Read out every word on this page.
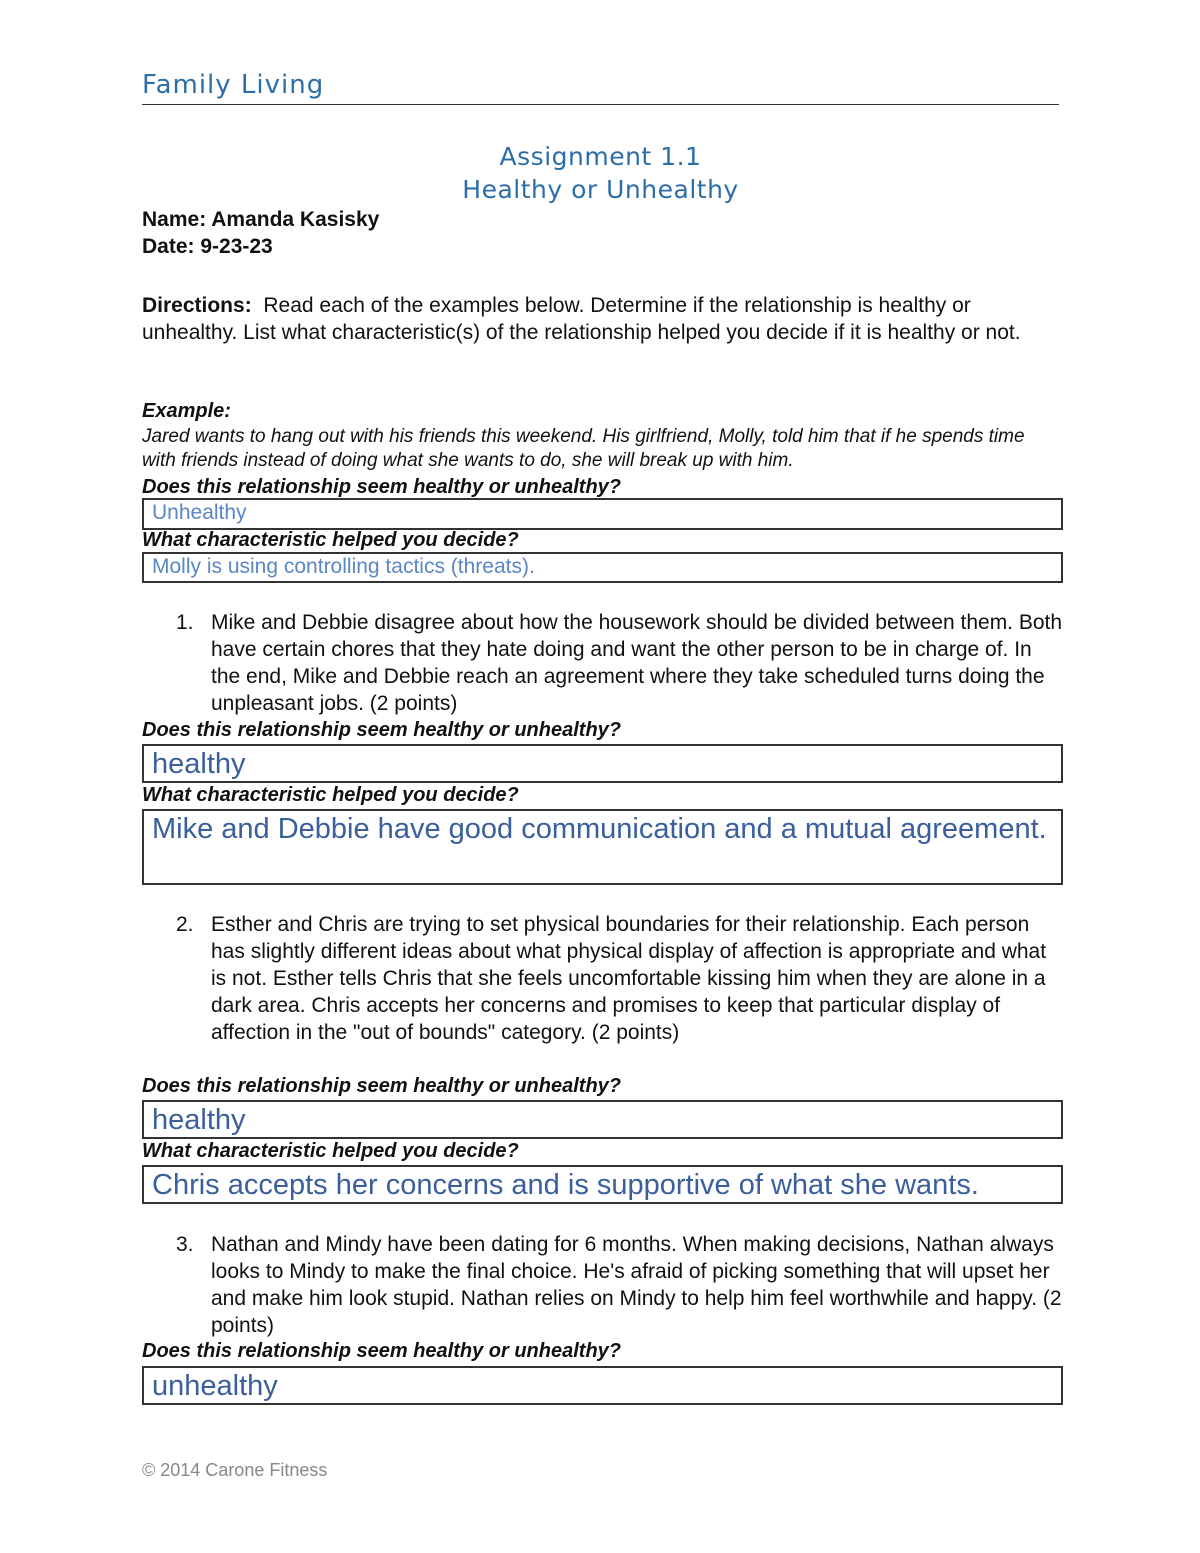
Family Living
Assignment 1.1
Healthy or Unhealthy
Name: Amanda Kasisky
Date: 9-23-23
Directions: Read each of the examples below. Determine if the relationship is healthy or unhealthy. List what characteristic(s) of the relationship helped you decide if it is healthy or not.
Example:
Jared wants to hang out with his friends this weekend. His girlfriend, Molly, told him that if he spends time with friends instead of doing what she wants to do, she will break up with him.
Does this relationship seem healthy or unhealthy?
Unhealthy
What characteristic helped you decide?
Molly is using controlling tactics (threats).
1. Mike and Debbie disagree about how the housework should be divided between them. Both have certain chores that they hate doing and want the other person to be in charge of. In the end, Mike and Debbie reach an agreement where they take scheduled turns doing the unpleasant jobs. (2 points)
Does this relationship seem healthy or unhealthy?
healthy
What characteristic helped you decide?
Mike and Debbie have good communication and a mutual agreement.
2. Esther and Chris are trying to set physical boundaries for their relationship. Each person has slightly different ideas about what physical display of affection is appropriate and what is not. Esther tells Chris that she feels uncomfortable kissing him when they are alone in a dark area. Chris accepts her concerns and promises to keep that particular display of affection in the "out of bounds" category. (2 points)
Does this relationship seem healthy or unhealthy?
healthy
What characteristic helped you decide?
Chris accepts her concerns and is supportive of what she wants.
3. Nathan and Mindy have been dating for 6 months. When making decisions, Nathan always looks to Mindy to make the final choice. He's afraid of picking something that will upset her and make him look stupid. Nathan relies on Mindy to help him feel worthwhile and happy. (2 points)
Does this relationship seem healthy or unhealthy?
unhealthy
© 2014 Carone Fitness
